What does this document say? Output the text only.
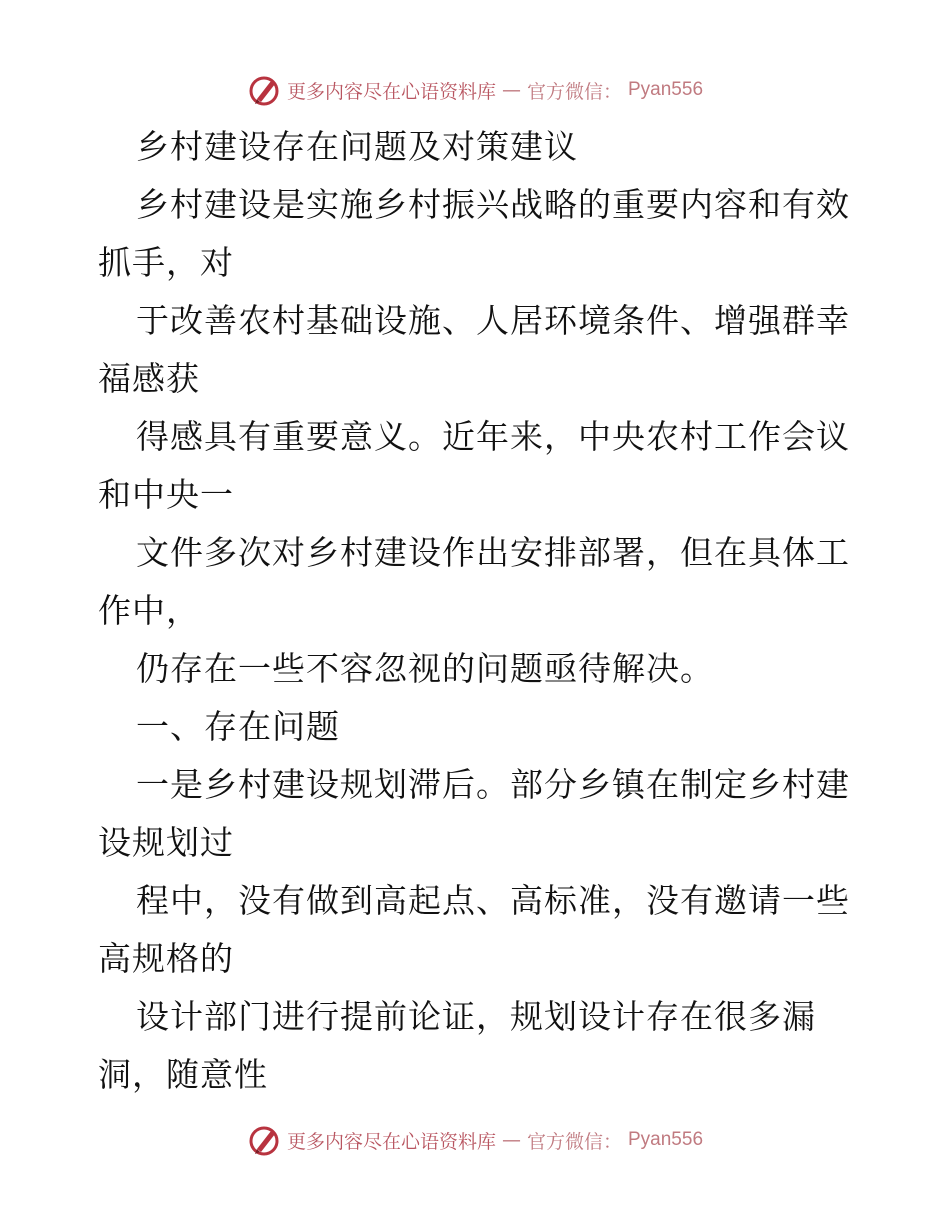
更多内容尽在心语资料库 — 官方微信： Pyan556
乡村建设存在问题及对策建议
乡村建设是实施乡村振兴战略的重要内容和有效
抓手，对
于改善农村基础设施、人居环境条件、增强群幸
福感获
得感具有重要意义。近年来，中央农村工作会议
和中央一
文件多次对乡村建设作出安排部署，但在具体工
作中，
仍存在一些不容忽视的问题亟待解决。
一、存在问题
一是乡村建设规划滞后。部分乡镇在制定乡村建
设规划过
程中，没有做到高起点、高标准，没有邀请一些
高规格的
设计部门进行提前论证，规划设计存在很多漏
洞，随意性
更多内容尽在心语资料库 — 官方微信： Pyan556
